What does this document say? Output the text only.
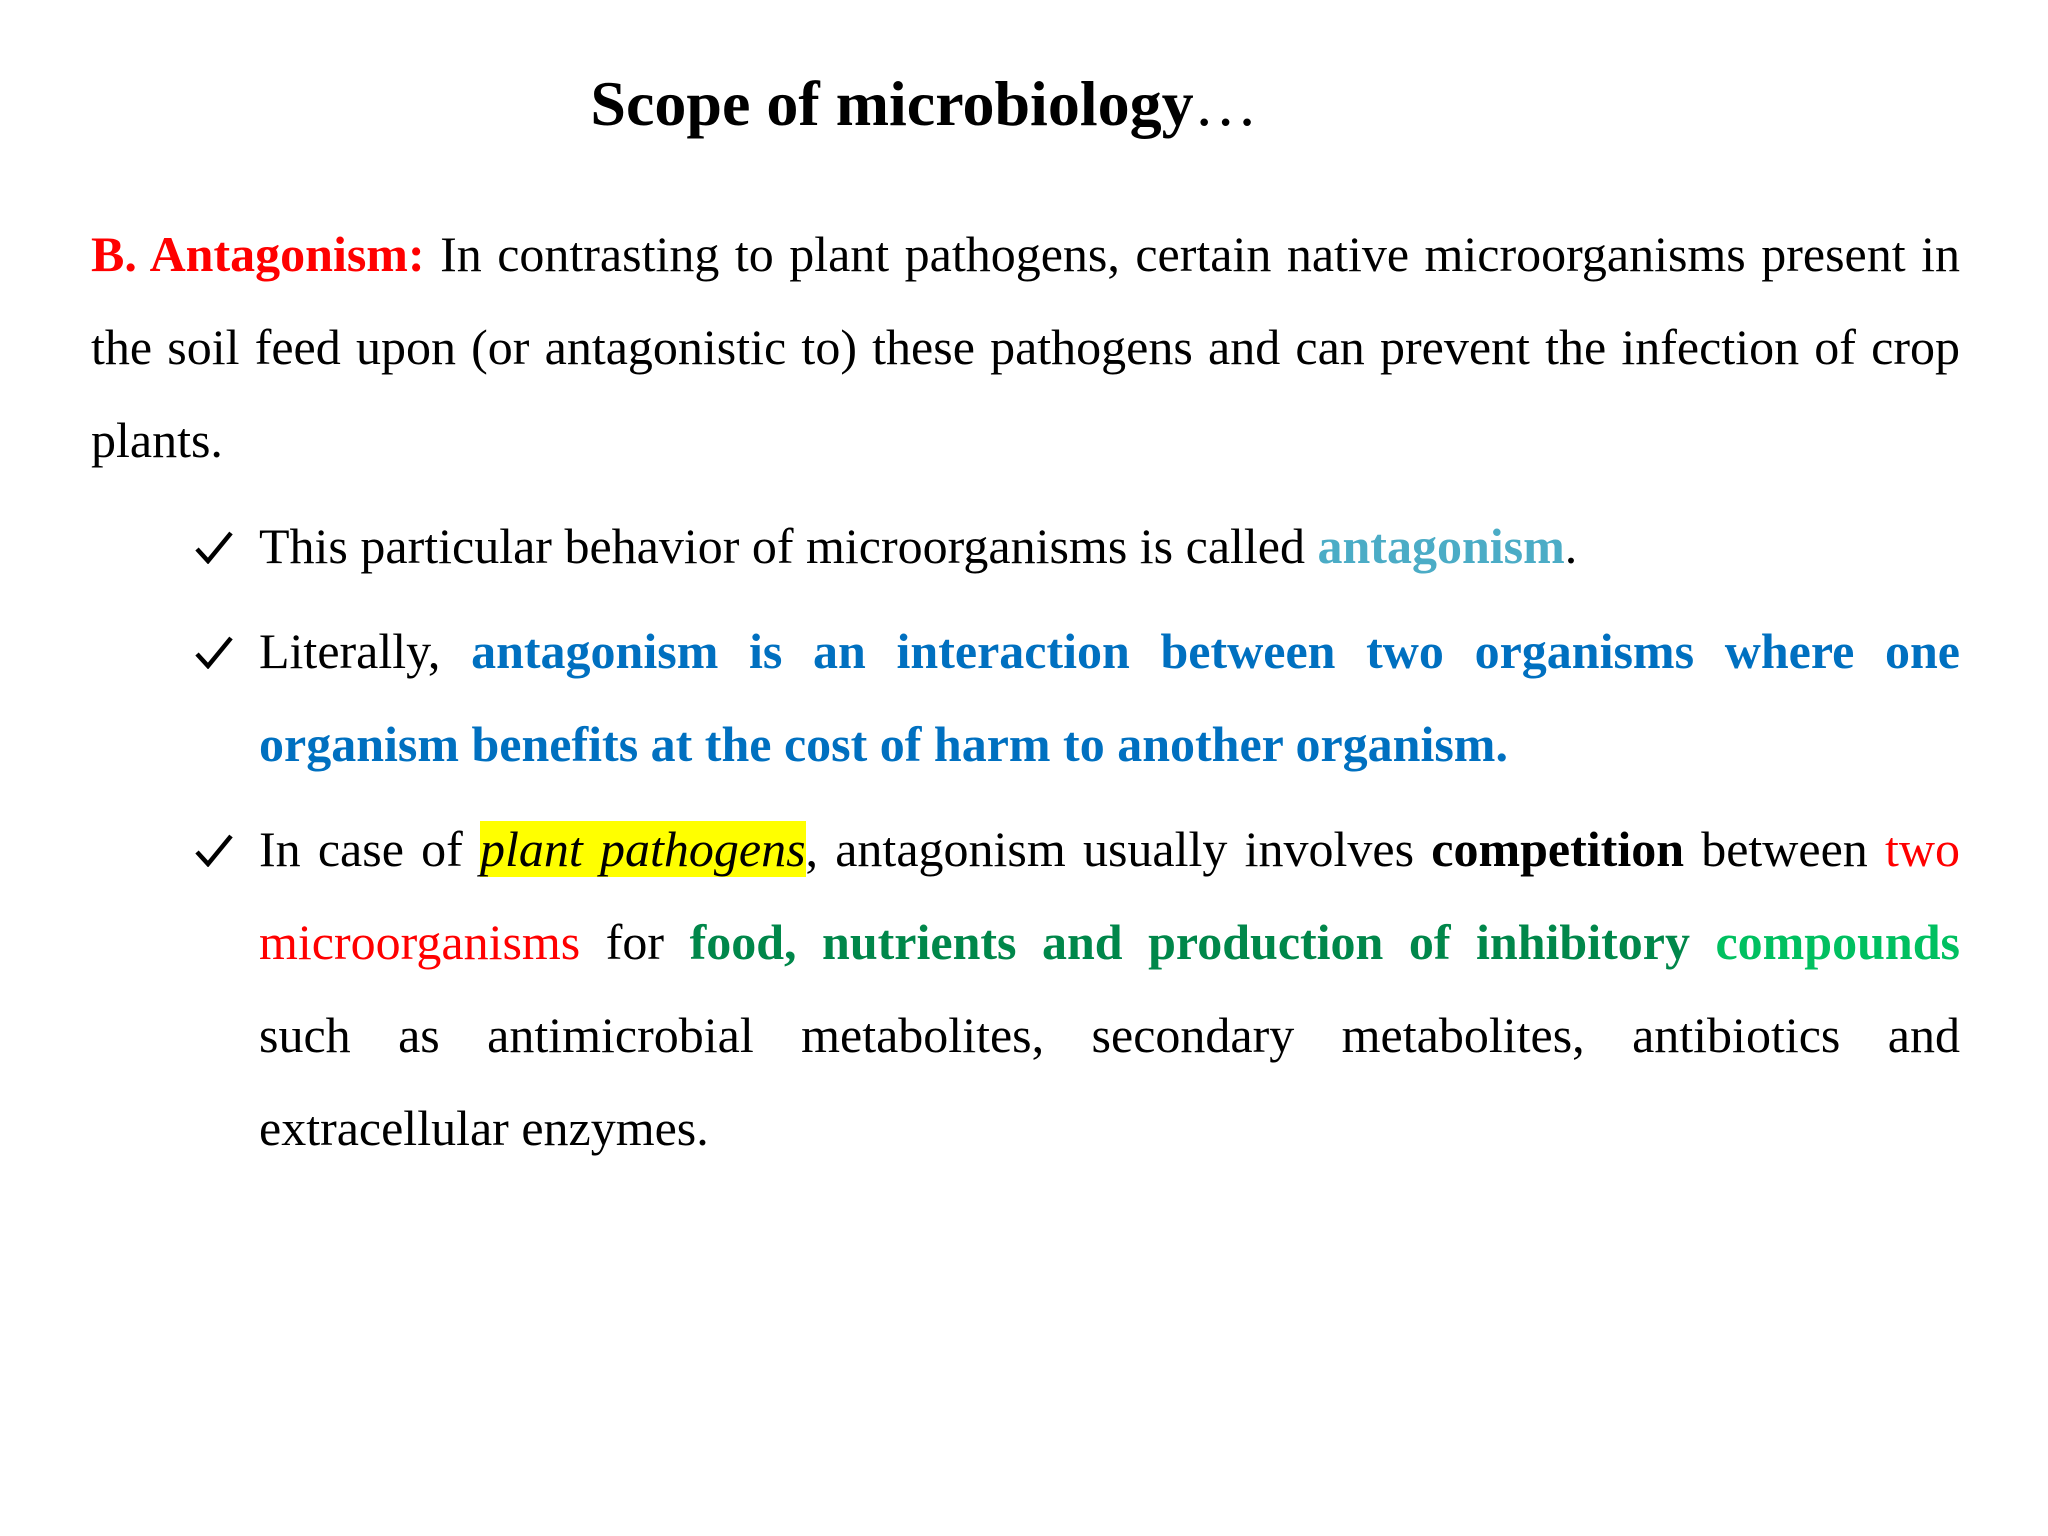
Scope of microbiology…

B. Antagonism: In contrasting to plant pathogens, certain native microorganisms present in the soil feed upon (or antagonistic to) these pathogens and can prevent the infection of crop plants.

This particular behavior of microorganisms is called antagonism.
Literally, antagonism is an interaction between two organisms where one organism benefits at the cost of harm to another organism.
In case of plant pathogens, antagonism usually involves competition between two microorganisms for food, nutrients and production of inhibitory compounds such as antimicrobial metabolites, secondary metabolites, antibiotics and extracellular enzymes.
